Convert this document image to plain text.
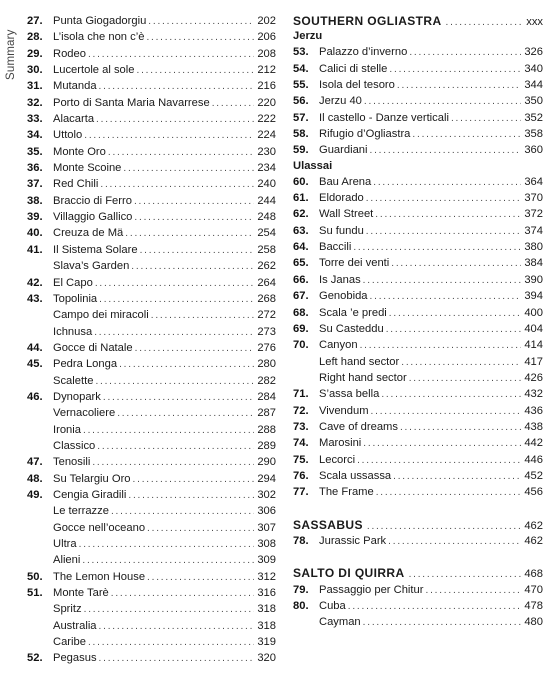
Summary
27. Punta Giogadorgiu .....	202
28. L’isola che non c’è .....	206
29. Rodeo .....	208
30. Lucertole al sole .....	212
31. Mutanda .....	216
32. Porto di Santa Maria Navarrese .....	220
33. Alacarta .....	222
34. Uttolo .....	224
35. Monte Oro .....	230
36. Monte Scoine .....	234
37. Red Chili .....	240
38. Braccio di Ferro .....	244
39. Villaggio Gallico .....	248
40. Creuza de Mä .....	254
41. Il Sistema Solare .....	258
Slava’s Garden .....	262
42. El Capo .....	264
43. Topolinia .....	268
Campo dei miracoli .....	272
Ichnusa .....	273
44. Gocce di Natale .....	276
45. Pedra Longa .....	280
Scalette .....	282
46. Dynopark .....	284
Vernacoliere .....	287
Ironia .....	288
Classico .....	289
47. Tenosili .....	290
48. Su Telargiu Oro .....	294
49. Cengia Giradili .....	302
Le terrazze .....	306
Gocce nell’oceano .....	307
Ultra .....	308
Alieni .....	309
50. The Lemon House .....	312
51. Monte Tarè .....	316
Spritz .....	318
Australia .....	318
Caribe .....	319
52. Pegasus .....	320
SOUTHERN OGLIASTRA .....	xxx
Jerzu
53. Palazzo d’inverno .....	326
54. Calici di stelle .....	340
55. Isola del tesoro .....	344
56. Jerzu 40 .....	350
57. Il castello - Danze verticali .....	352
58. Rifugio d’Ogliastra .....	358
59. Guardiani .....	360
Ulassai
60. Bau Arena .....	364
61. Eldorado .....	370
62. Wall Street .....	372
63. Su fundu .....	374
64. Baccili .....	380
65. Torre dei venti .....	384
66. Is Janas .....	390
67. Genobida .....	394
68. Scala ’e predi .....	400
69. Su Casteddu .....	404
70. Canyon .....	414
Left hand sector .....	417
Right hand sector .....	426
71. S’assa bella .....	432
72. Vivendum .....	436
73. Cave of dreams .....	438
74. Marosini .....	442
75. Lecorci .....	446
76. Scala ussassa .....	452
77. The Frame .....	456
SASSABUS .....	462
78. Jurassic Park .....	462
SALTO DI QUIRRA .....	468
79. Passaggio per Chitur .....	470
80. Cuba .....	478
Cayman .....	480
